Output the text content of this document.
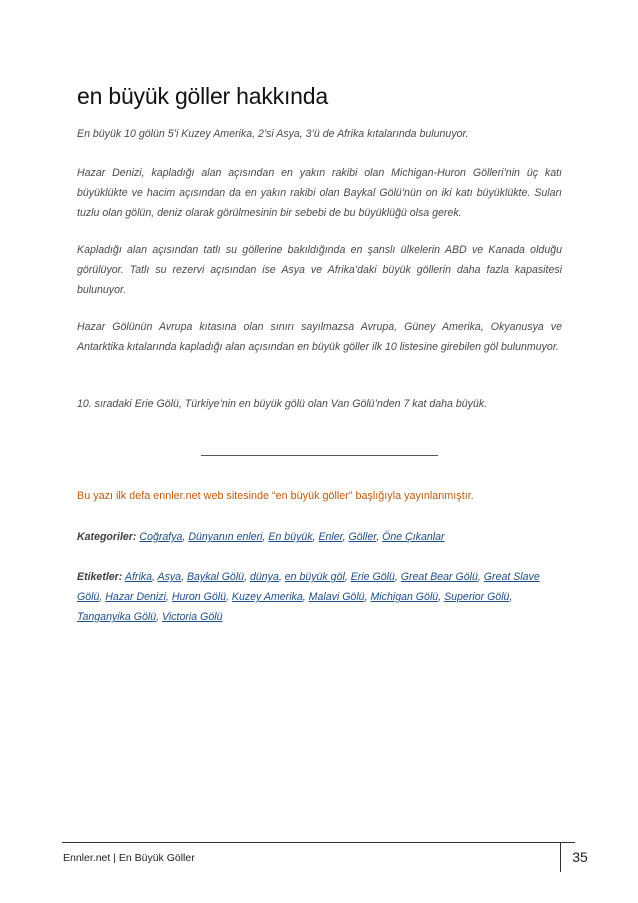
en büyük göller hakkında

En büyük 10 gölün 5’i Kuzey Amerika, 2’si Asya, 3’ü de Afrika kıtalarında bulunuyor.

Hazar Denizi, kapladığı alan açısından en yakın rakibi olan Michigan-Huron Gölleri’nin üç katı büyüklükte ve hacim açısından da en yakın rakibi olan Baykal Gölü’nün on iki katı büyüklükte. Suları tuzlu olan gölün, deniz olarak görülmesinin bir sebebi de bu büyüklüğü olsa gerek.

Kapladığı alan açısından tatlı su göllerine bakıldığında en şanslı ülkelerin ABD ve Kanada olduğu görülüyor. Tatlı su rezervi açısından ise Asya ve Afrika’daki büyük göllerin daha fazla kapasitesi bulunuyor.

Hazar Gölünün Avrupa kıtasına olan sınırı sayılmazsa Avrupa, Güney Amerika, Okyanusya ve Antarktika kıtalarında kapladığı alan açısından en büyük göller ilk 10 listesine girebilen göl bulunmuyor.

10. sıradaki Erie Gölü, Türkiye’nin en büyük gölü olan Van Gölü’nden 7 kat daha büyük.

Bu yazı ilk defa ennler.net web sitesinde “en büyük göller” başlığıyla yayınlanmıştır.

Kategoriler: Coğrafya, Dünyanın enleri, En büyük, Enler, Göller, Öne Çıkanlar

Etiketler: Afrika, Asya, Baykal Gölü, dünya, en büyük göl, Erie Gölü, Great Bear Gölü, Great Slave Gölü, Hazar Denizi, Huron Gölü, Kuzey Amerika, Malavi Gölü, Michigan Gölü, Superior Gölü, Tanganyika Gölü, Victoria Gölü

Ennler.net | En Büyük Göller	35
